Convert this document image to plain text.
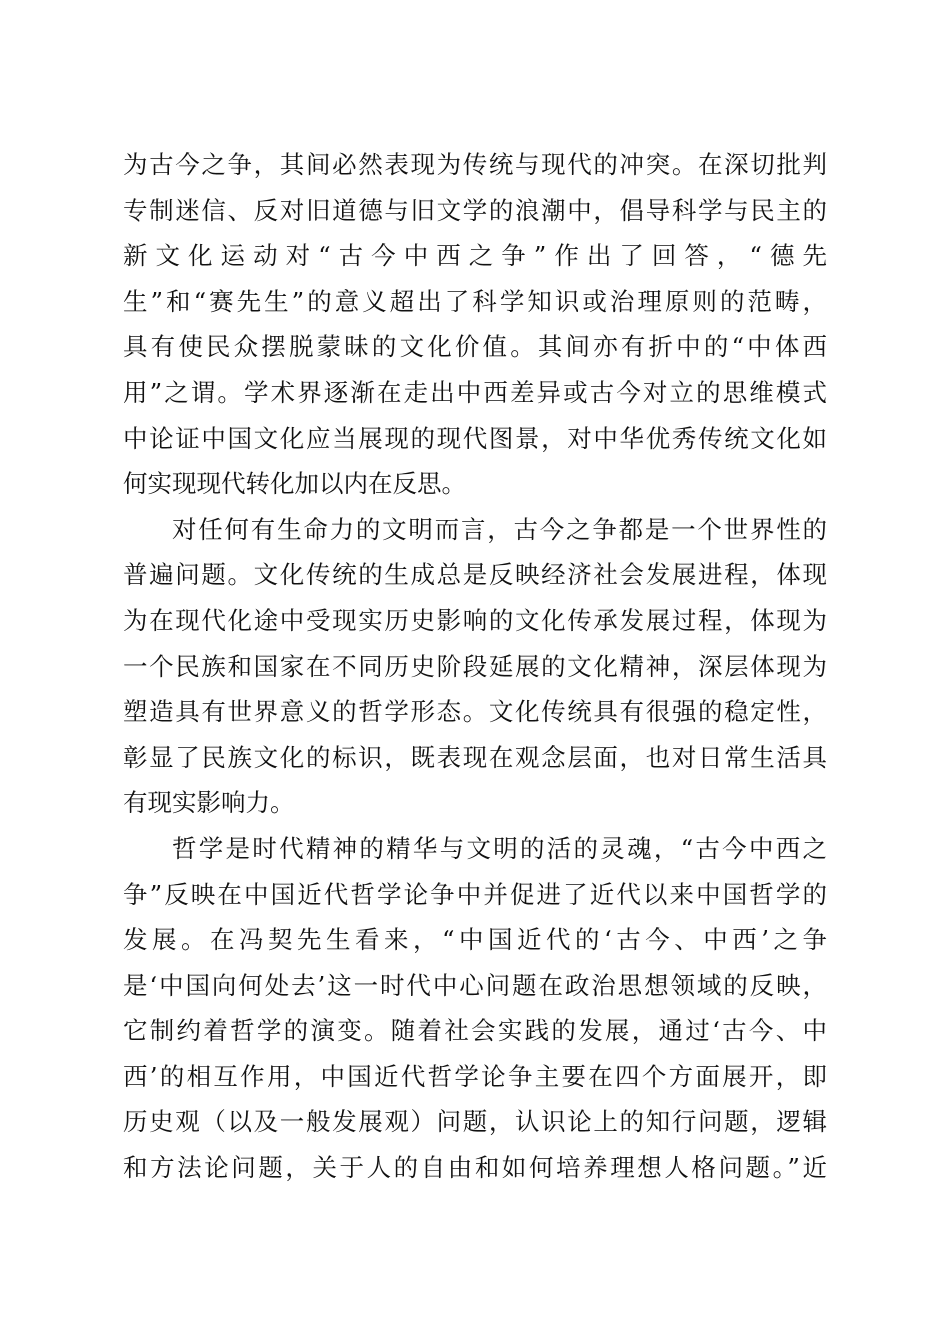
为古今之争，其间必然表现为传统与现代的冲突。在深切批判
专制迷信、反对旧道德与旧文学的浪潮中，倡导科学与民主的
新文化运动对“古今中西之争”作出了回答，“德先
生”和“赛先生”的意义超出了科学知识或治理原则的范畴，
具有使民众摆脱蒙昧的文化价值。其间亦有折中的“中体西
用”之谓。学术界逐渐在走出中西差异或古今对立的思维模式
中论证中国文化应当展现的现代图景，对中华优秀传统文化如
何实现现代转化加以内在反思。
对任何有生命力的文明而言，古今之争都是一个世界性的
普遍问题。文化传统的生成总是反映经济社会发展进程，体现
为在现代化途中受现实历史影响的文化传承发展过程，体现为
一个民族和国家在不同历史阶段延展的文化精神，深层体现为
塑造具有世界意义的哲学形态。文化传统具有很强的稳定性，
彰显了民族文化的标识，既表现在观念层面，也对日常生活具
有现实影响力。
哲学是时代精神的精华与文明的活的灵魂，“古今中西之
争”反映在中国近代哲学论争中并促进了近代以来中国哲学的
发展。在冯契先生看来，“中国近代的‘古今、中西’之争
是‘中国向何处去’这一时代中心问题在政治思想领域的反映，
它制约着哲学的演变。随着社会实践的发展，通过‘古今、中
西’的相互作用，中国近代哲学论争主要在四个方面展开，即
历史观（以及一般发展观）问题，认识论上的知行问题，逻辑
和方法论问题，关于人的自由和如何培养理想人格问题。”近
